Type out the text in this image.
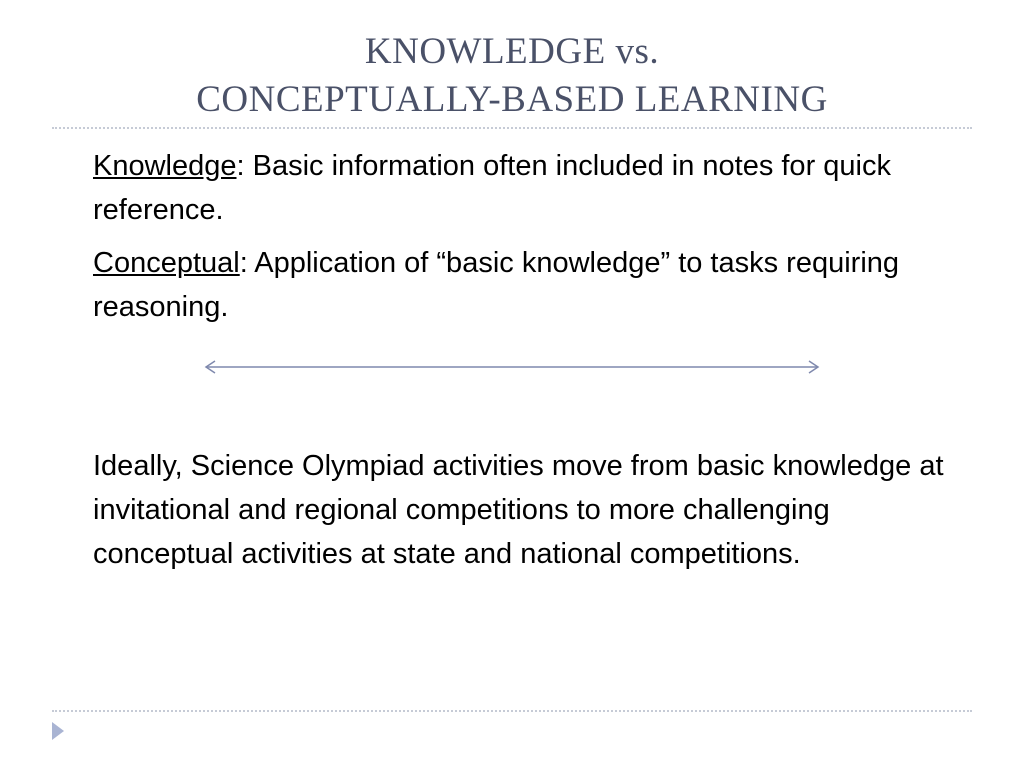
KNOWLEDGE vs.
CONCEPTUALLY-BASED LEARNING
Knowledge: Basic information often included in notes for quick reference.
Conceptual: Application of “basic knowledge” to tasks requiring reasoning.
Ideally, Science Olympiad activities move from basic knowledge at invitational and regional competitions to more challenging conceptual activities at state and national competitions.
